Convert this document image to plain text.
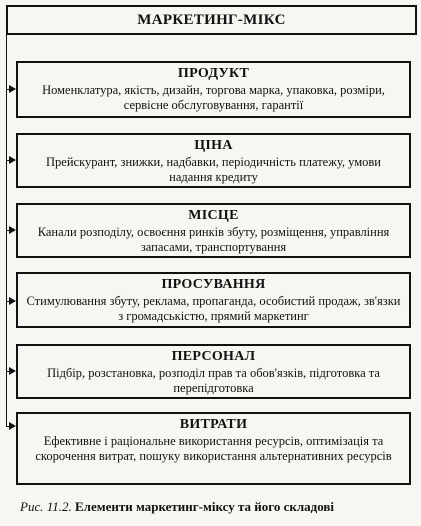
МАРКЕТИНГ-МІКС
ПРОДУКТ
Номенклатура, якість, дизайн, торгова марка, упаковка, розміри, сервісне обслуговування, гарантії
ЦІНА
Прейскурант, знижки, надбавки, періодичність платежу, умови надання кредиту
МІСЦЕ
Канали розподілу, освоєння ринків збуту, розміщення, управління запасами, транспортування
ПРОСУВАННЯ
Стимулювання збуту, реклама, пропаганда, особистий продаж, зв'язки з громадськістю, прямий маркетинг
ПЕРСОНАЛ
Підбір, розстановка, розподіл прав та обов'язків, підготовка та перепідготовка
ВИТРАТИ
Ефективне і раціональне використання ресурсів, оптимізація та скорочення витрат, пошуку використання альтернативних ресурсів
Рис. 11.2. Елементи маркетинг-міксу та його складові
